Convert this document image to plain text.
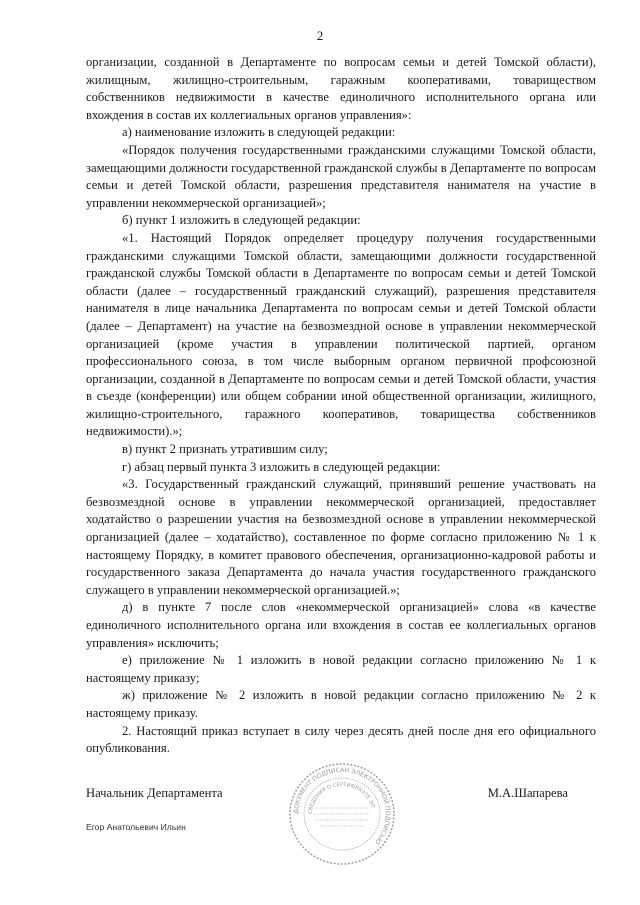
2

организации, созданной в Департаменте по вопросам семьи и детей Томской области), жилищным, жилищно-строительным, гаражным кооперативами, товариществом собственников недвижимости в качестве единоличного исполнительного органа или вхождения в состав их коллегиальных органов управления»:

а) наименование изложить в следующей редакции:

«Порядок получения государственными гражданскими служащими Томской области, замещающими должности государственной гражданской службы в Департаменте по вопросам семьи и детей Томской области, разрешения представителя нанимателя на участие в управлении некоммерческой организацией»;

б) пункт 1 изложить в следующей редакции:

«1. Настоящий Порядок определяет процедуру получения государственными гражданскими служащими Томской области, замещающими должности государственной гражданской службы Томской области в Департаменте по вопросам семьи и детей Томской области (далее – государственный гражданский служащий), разрешения представителя нанимателя в лице начальника Департамента по вопросам семьи и детей Томской области (далее – Департамент) на участие на безвозмездной основе в управлении некоммерческой организацией (кроме участия в управлении политической партией, органом профессионального союза, в том числе выборным органом первичной профсоюзной организации, созданной в Департаменте по вопросам семьи и детей Томской области, участия в съезде (конференции) или общем собрании иной общественной организации, жилищного, жилищно-строительного, гаражного кооперативов, товарищества собственников недвижимости).»;

в) пункт 2 признать утратившим силу;

г) абзац первый пункта 3 изложить в следующей редакции:

«3. Государственный гражданский служащий, принявший решение участвовать на безвозмездной основе в управлении некоммерческой организацией, предоставляет ходатайство о разрешении участия на безвозмездной основе в управлении некоммерческой организацией (далее – ходатайство), составленное по форме согласно приложению № 1 к настоящему Порядку, в комитет правового обеспечения, организационно-кадровой работы и государственного заказа Департамента до начала участия государственного гражданского служащего в управлении некоммерческой организацией.»;

д) в пункте 7 после слов «некоммерческой организацией» слова «в качестве единоличного исполнительного органа или вхождения в состав ее коллегиальных органов управления» исключить;

е) приложение № 1 изложить в новой редакции согласно приложению № 1 к настоящему приказу;

ж) приложение № 2 изложить в новой редакции согласно приложению № 2 к настоящему приказу.

2. Настоящий приказ вступает в силу через десять дней после дня его официального опубликования.

Начальник Департамента	М.А.Шапарева
ДОКУМЕНТ ПОДПИСАН ЭЛЕКТРОННОЙ ПОДПИСЬЮ
СВЕДЕНИЯ О СЕРТИФИКАТЕ ЭП
Егор Анатольевич Ильин
